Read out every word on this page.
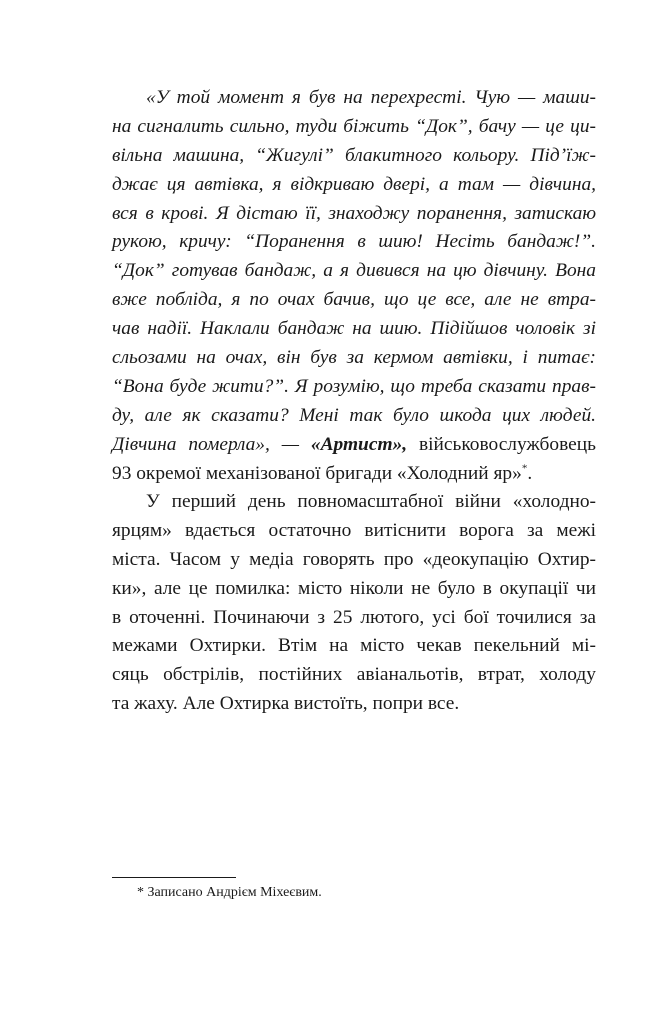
«У той момент я був на перехресті. Чую — маши-
на сигналить сильно, туди біжить “Док”, бачу — це ци-
вільна машина, “Жигулі” блакитного кольору. Під’їж-
джає ця автівка, я відкриваю двері, а там — дівчина,
вся в крові. Я дістаю її, знаходжу поранення, затискаю
рукою, кричу: “Поранення в шию! Несіть бандаж!”.
“Док” готував бандаж, а я дивився на цю дівчину. Вона
вже побліда, я по очах бачив, що це все, але не втра-
чав надії. Наклали бандаж на шию. Підійшов чоловік зі
сльозами на очах, він був за кермом автівки, і питає:
“Вона буде жити?”. Я розумію, що треба сказати прав-
ду, але як сказати? Мені так було шкода цих людей.
Дівчина померла», — «Артист», військовослужбовець
93 окремої механізованої бригади «Холодний яр»*.
У перший день повномасштабної війни «холодно-
ярцям» вдається остаточно витіснити ворога за межі
міста. Часом у медіа говорять про «деокупацію Охтир-
ки», але це помилка: місто ніколи не було в окупації чи
в оточенні. Починаючи з 25 лютого, усі бої точилися за
межами Охтирки. Втім на місто чекав пекельний мі-
сяць обстрілів, постійних авіанальотів, втрат, холоду
та жаху. Але Охтирка вистоїть, попри все.
* Записано Андрієм Міхеєвим.
